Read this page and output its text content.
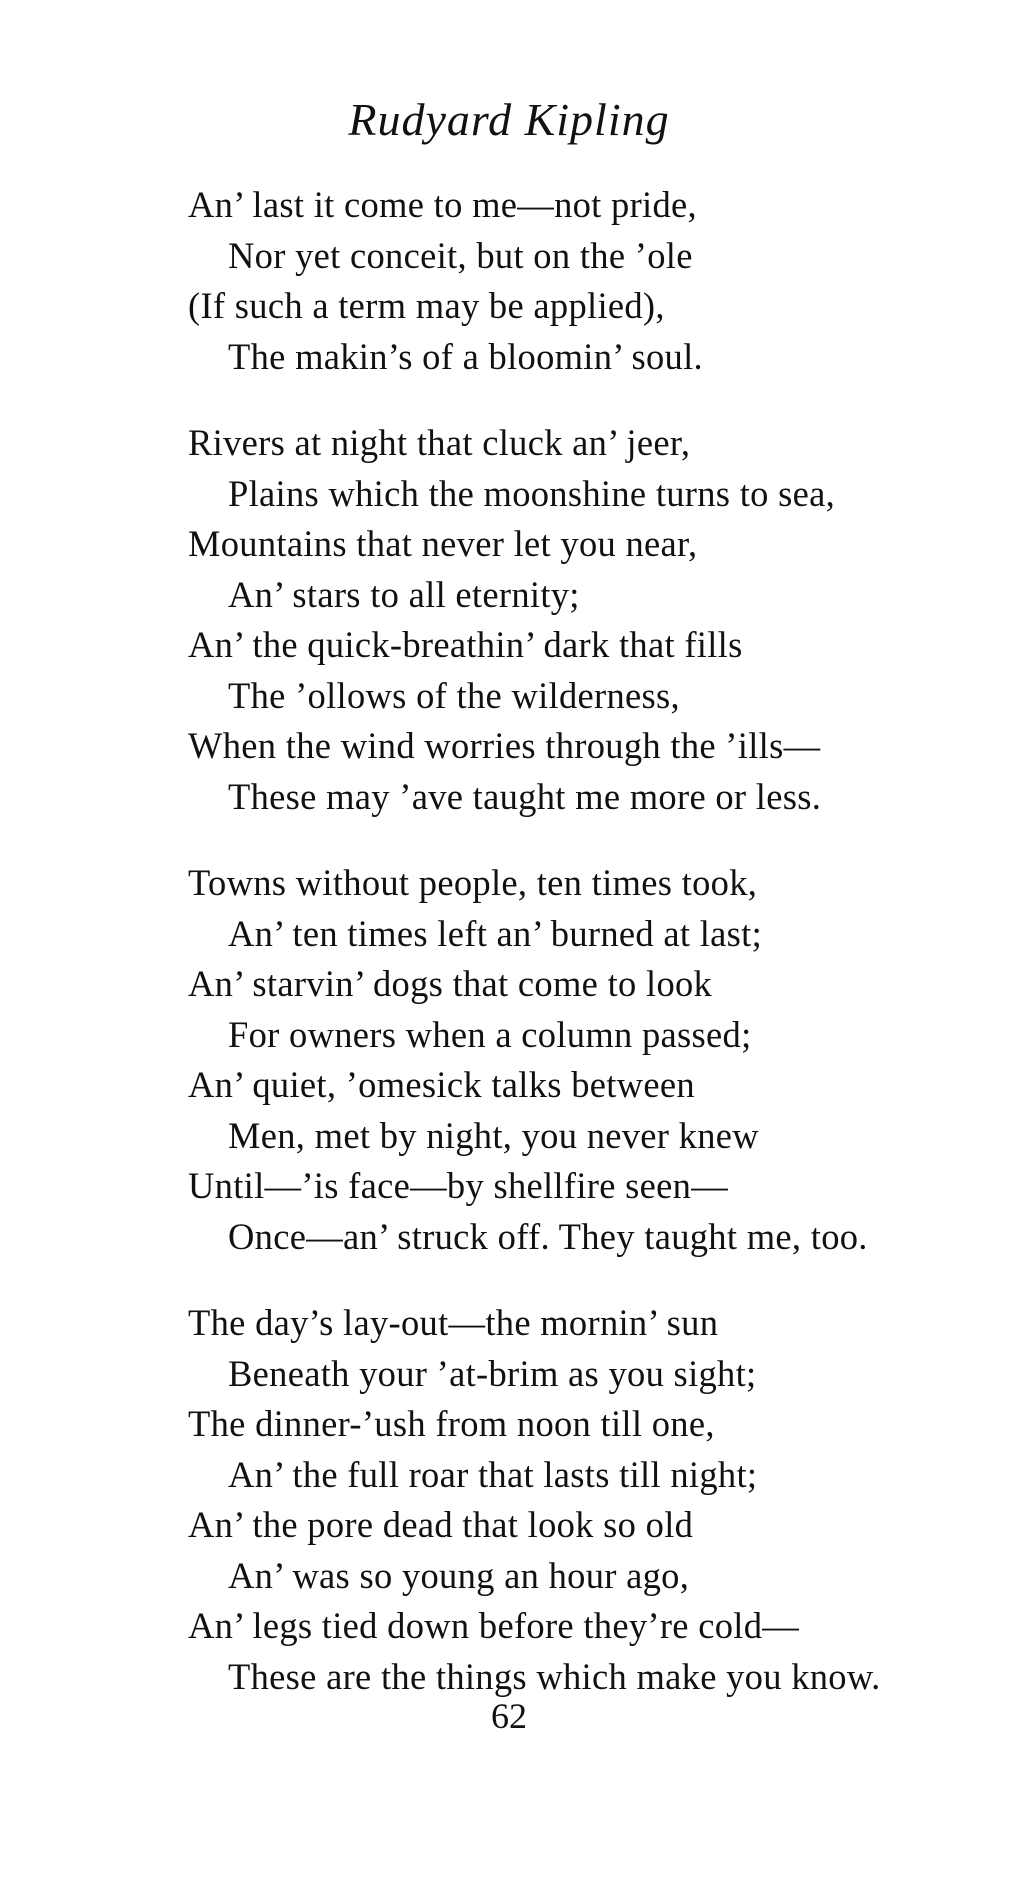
Rudyard Kipling
An’ last it come to me—not pride,
Nor yet conceit, but on the ’ole
(If such a term may be applied),
The makin’s of a bloomin’ soul.
Rivers at night that cluck an’ jeer,
Plains which the moonshine turns to sea,
Mountains that never let you near,
An’ stars to all eternity;
An’ the quick-breathin’ dark that fills
The ’ollows of the wilderness,
When the wind worries through the ’ills—
These may ’ave taught me more or less.
Towns without people, ten times took,
An’ ten times left an’ burned at last;
An’ starvin’ dogs that come to look
For owners when a column passed;
An’ quiet, ’omesick talks between
Men, met by night, you never knew
Until—’is face—by shellfire seen—
Once—an’ struck off. They taught me, too.
The day’s lay-out—the mornin’ sun
Beneath your ’at-brim as you sight;
The dinner-’ush from noon till one,
An’ the full roar that lasts till night;
An’ the pore dead that look so old
An’ was so young an hour ago,
An’ legs tied down before they’re cold—
These are the things which make you know.
62
